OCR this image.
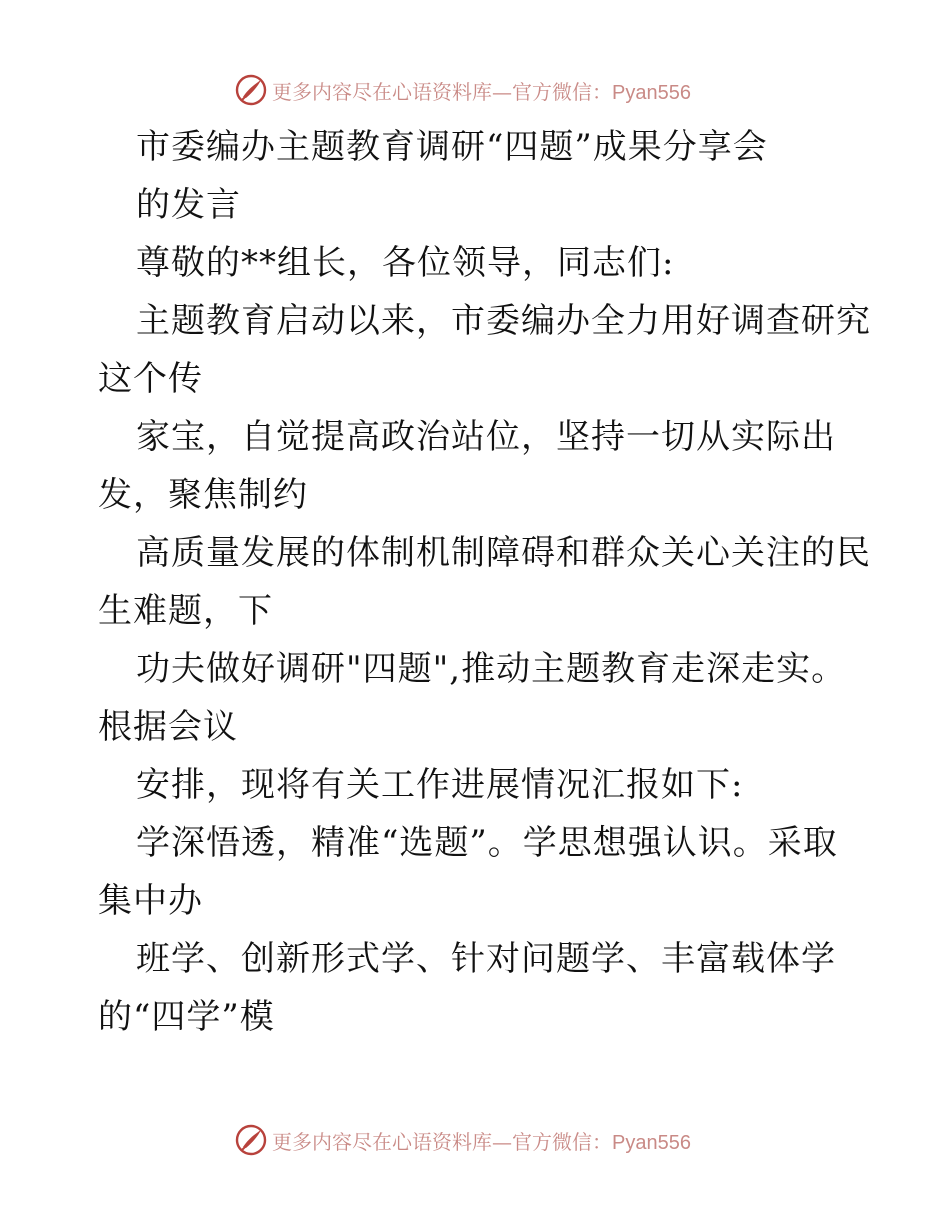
更多内容尽在心语资料库—官方微信：Pyan556
市委编办主题教育调研“四题”成果分享会
的发言
尊敬的**组长，各位领导，同志们:
主题教育启动以来，市委编办全力用好调查研究
这个传
家宝，自觉提高政治站位，坚持一切从实际出
发，聚焦制约
高质量发展的体制机制障碍和群众关心关注的民
生难题，下
功夫做好调研"四题",推动主题教育走深走实。
根据会议
安排，现将有关工作进展情况汇报如下:
学深悟透，精准“选题”。学思想强认识。采取
集中办
班学、创新形式学、针对问题学、丰富载体学
的“四学”模
更多内容尽在心语资料库—官方微信：Pyan556
